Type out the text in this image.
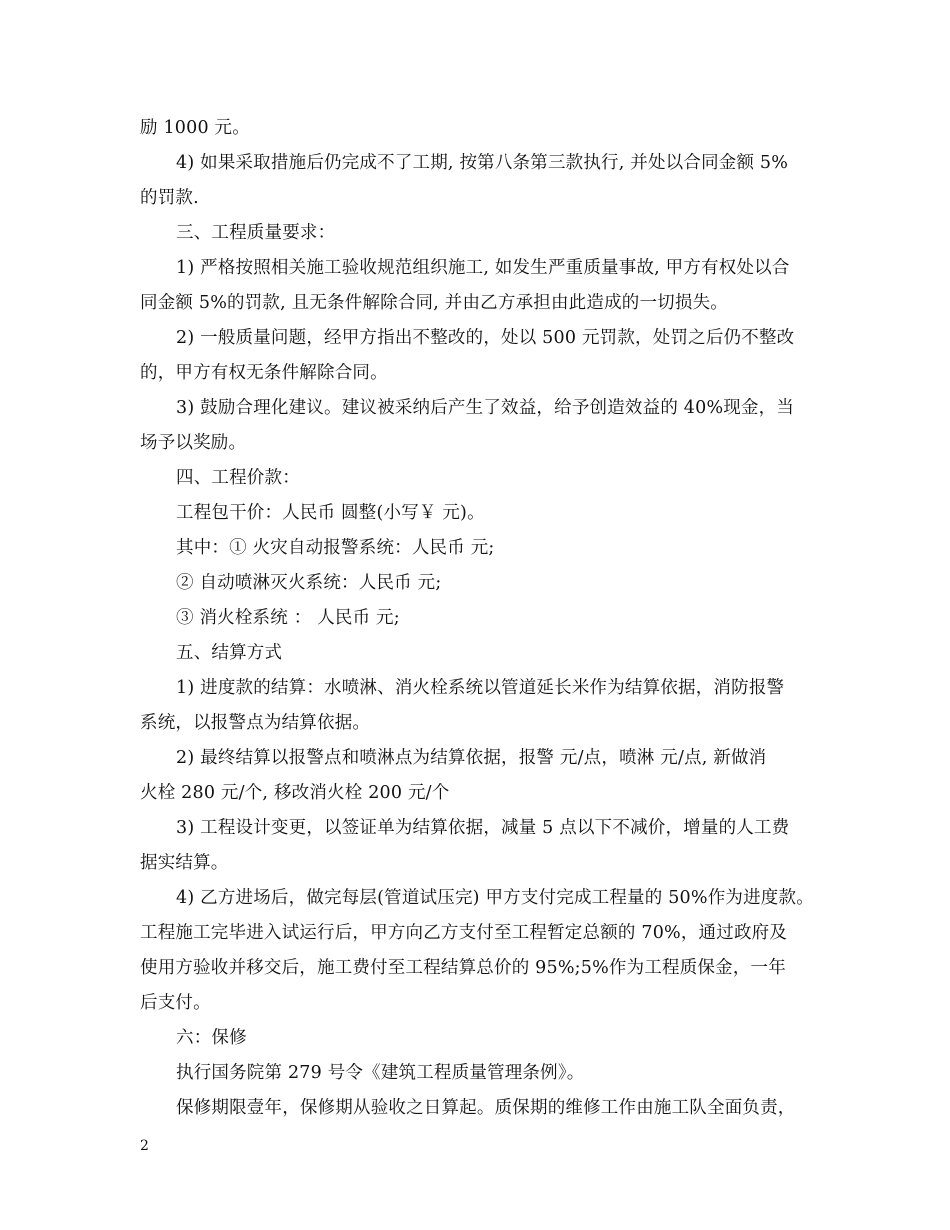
励 1000 元。
4) 如果采取措施后仍完成不了工期, 按第八条第三款执行, 并处以合同金额 5%
的罚款.
三、工程质量要求：
1) 严格按照相关施工验收规范组织施工, 如发生严重质量事故, 甲方有权处以合
同金额 5%的罚款, 且无条件解除合同, 并由乙方承担由此造成的一切损失。
2) 一般质量问题，经甲方指出不整改的，处以 500 元罚款，处罚之后仍不整改
的，甲方有权无条件解除合同。
3) 鼓励合理化建议。建议被采纳后产生了效益，给予创造效益的 40%现金，当
场予以奖励。
四、工程价款：
工程包干价：人民币 圆整(小写￥ 元)。
其中：① 火灾自动报警系统：人民币 元;
② 自动喷淋灭火系统：人民币 元;
③ 消火栓系统 ： 人民币 元;
五、结算方式
1) 进度款的结算：水喷淋、消火栓系统以管道延长米作为结算依据，消防报警
系统，以报警点为结算依据。
2) 最终结算以报警点和喷淋点为结算依据，报警 元/点，喷淋 元/点, 新做消
火栓 280 元/个, 移改消火栓 200 元/个
3) 工程设计变更，以签证单为结算依据，减量 5 点以下不减价，增量的人工费
据实结算。
4) 乙方进场后，做完每层(管道试压完) 甲方支付完成工程量的 50%作为进度款。
工程施工完毕进入试运行后，甲方向乙方支付至工程暂定总额的 70%，通过政府及
使用方验收并移交后，施工费付至工程结算总价的 95%;5%作为工程质保金，一年
后支付。
六：保修
执行国务院第 279 号令《建筑工程质量管理条例》。
保修期限壹年，保修期从验收之日算起。质保期的维修工作由施工队全面负责，
2
